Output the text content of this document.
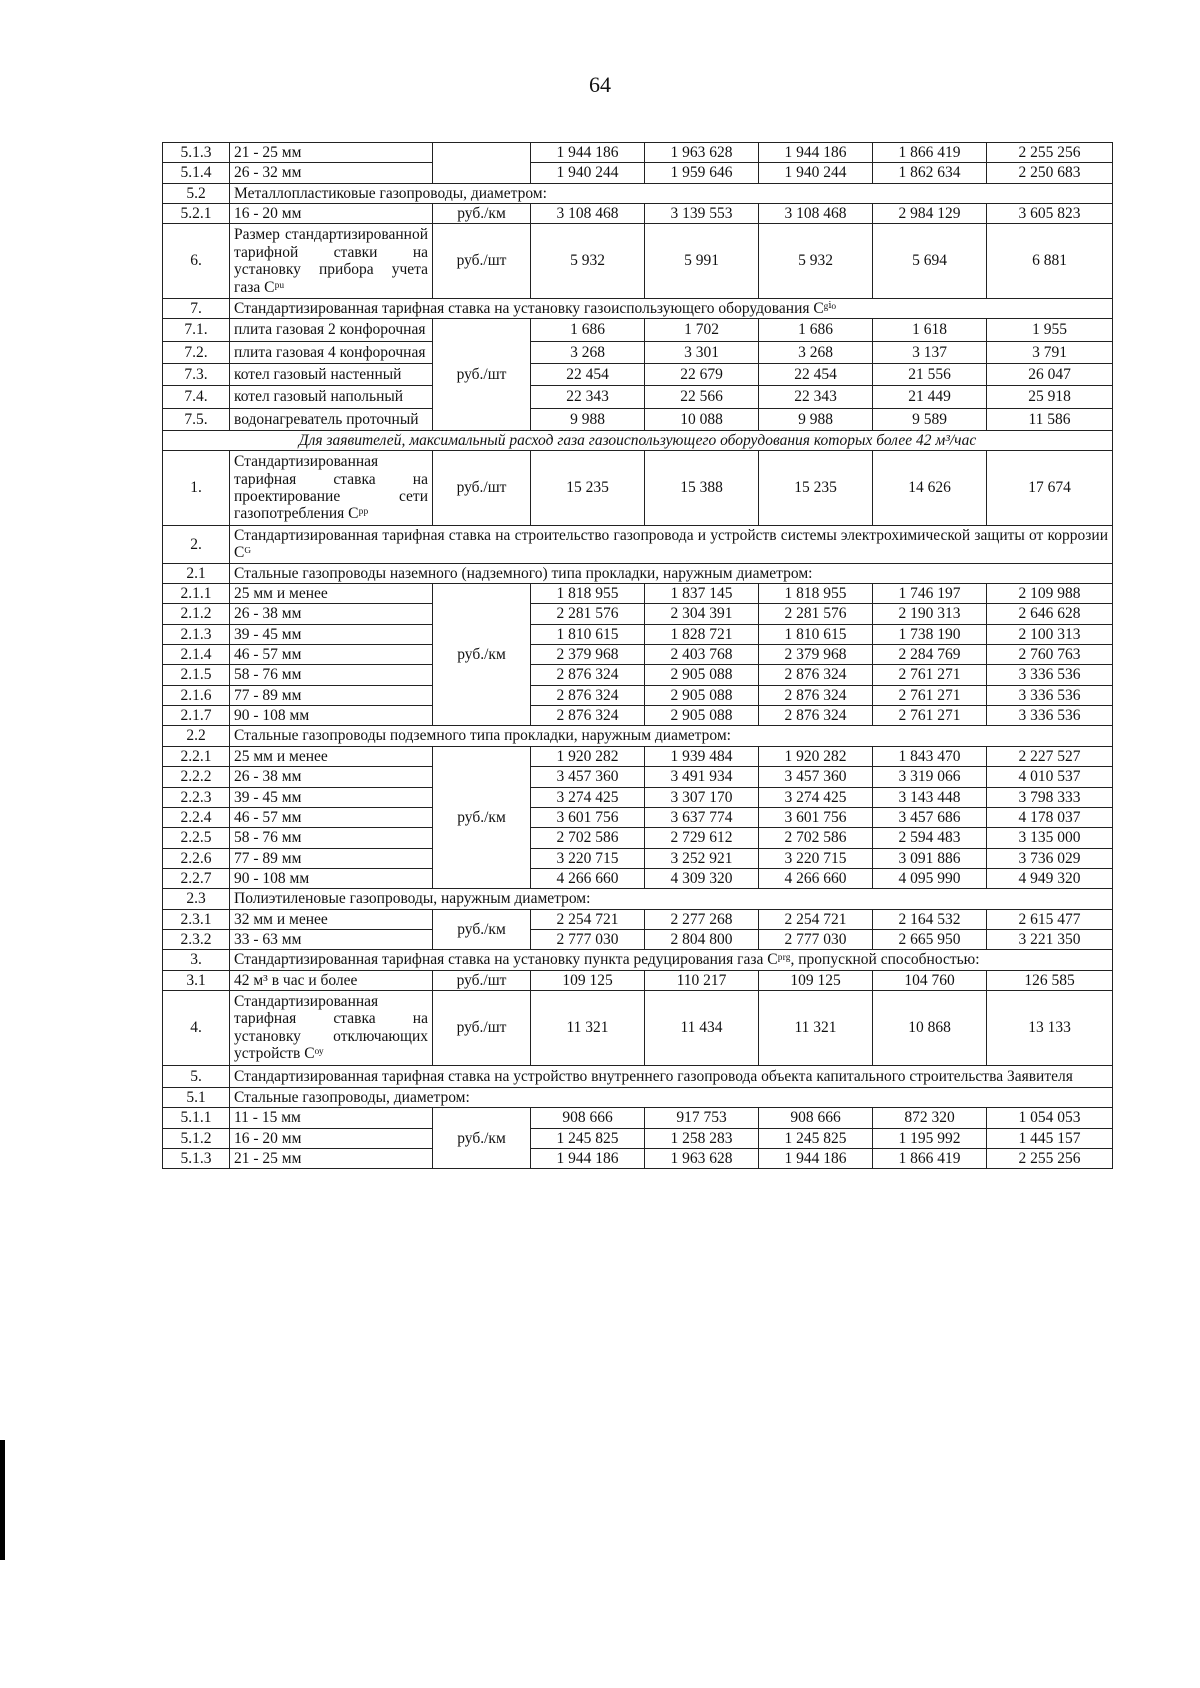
64
5.1.3	21 - 25 мм		1 944 186	1 963 628	1 944 186	1 866 419	2 255 256
5.1.4	26 - 32 мм		1 940 244	1 959 646	1 940 244	1 862 634	2 250 683
5.2	Металлопластиковые газопроводы, диаметром:						
5.2.1	16 - 20 мм	руб./км	3 108 468	3 139 553	3 108 468	2 984 129	3 605 823
6.	Размер стандартизированной тарифной ставки на установку прибора учета газа Сᵖᵘ	руб./шт	5 932	5 991	5 932	5 694	6 881
7.	Стандартизированная тарифная ставка на установку газоиспользующего оборудования Сᵍⁱᵒ						
7.1.	плита газовая 2 конфорочная	руб./шт	1 686	1 702	1 686	1 618	1 955
7.2.	плита газовая 4 конфорочная		3 268	3 301	3 268	3 137	3 791
7.3.	котел газовый настенный		22 454	22 679	22 454	21 556	26 047
7.4.	котел газовый напольный		22 343	22 566	22 343	21 449	25 918
7.5.	водонагреватель проточный		9 988	10 088	9 988	9 589	11 586
Для заявителей, максимальный расход газа газоиспользующего оборудования которых более 42 м³/час							
1.	Стандартизированная тарифная ставка на проектирование сети газопотребления Сᵖᵖ	руб./шт	15 235	15 388	15 235	14 626	17 674
2.	Стандартизированная тарифная ставка на строительство газопровода и устройств системы электрохимической защиты от коррозии Сᴳ						
2.1	Стальные газопроводы наземного (надземного) типа прокладки, наружным диаметром:						
2.1.1	25 мм и менее	руб./км	1 818 955	1 837 145	1 818 955	1 746 197	2 109 988
2.1.2	26 - 38 мм		2 281 576	2 304 391	2 281 576	2 190 313	2 646 628
2.1.3	39 - 45 мм		1 810 615	1 828 721	1 810 615	1 738 190	2 100 313
2.1.4	46 - 57 мм		2 379 968	2 403 768	2 379 968	2 284 769	2 760 763
2.1.5	58 - 76 мм		2 876 324	2 905 088	2 876 324	2 761 271	3 336 536
2.1.6	77 - 89 мм		2 876 324	2 905 088	2 876 324	2 761 271	3 336 536
2.1.7	90 - 108 мм		2 876 324	2 905 088	2 876 324	2 761 271	3 336 536
2.2	Стальные газопроводы подземного типа прокладки, наружным диаметром:						
2.2.1	25 мм и менее	руб./км	1 920 282	1 939 484	1 920 282	1 843 470	2 227 527
2.2.2	26 - 38 мм		3 457 360	3 491 934	3 457 360	3 319 066	4 010 537
2.2.3	39 - 45 мм		3 274 425	3 307 170	3 274 425	3 143 448	3 798 333
2.2.4	46 - 57 мм		3 601 756	3 637 774	3 601 756	3 457 686	4 178 037
2.2.5	58 - 76 мм		2 702 586	2 729 612	2 702 586	2 594 483	3 135 000
2.2.6	77 - 89 мм		3 220 715	3 252 921	3 220 715	3 091 886	3 736 029
2.2.7	90 - 108 мм		4 266 660	4 309 320	4 266 660	4 095 990	4 949 320
2.3	Полиэтиленовые газопроводы, наружным диаметром:						
2.3.1	32 мм и менее	руб./км	2 254 721	2 277 268	2 254 721	2 164 532	2 615 477
2.3.2	33 - 63 мм		2 777 030	2 804 800	2 777 030	2 665 950	3 221 350
3.	Стандартизированная тарифная ставка на установку пункта редуцирования газа Сᵖʳᵍ, пропускной способностью:						
3.1	42 м³ в час и более	руб./шт	109 125	110 217	109 125	104 760	126 585
4.	Стандартизированная тарифная ставка на установку отключающих устройств Сᵒʸ	руб./шт	11 321	11 434	11 321	10 868	13 133
5.	Стандартизированная тарифная ставка на устройство внутреннего газопровода объекта капитального строительства Заявителя						
5.1	Стальные газопроводы, диаметром:						
5.1.1	11 - 15 мм	руб./км	908 666	917 753	908 666	872 320	1 054 053
5.1.2	16 - 20 мм		1 245 825	1 258 283	1 245 825	1 195 992	1 445 157
5.1.3	21 - 25 мм		1 944 186	1 963 628	1 944 186	1 866 419	2 255 256
